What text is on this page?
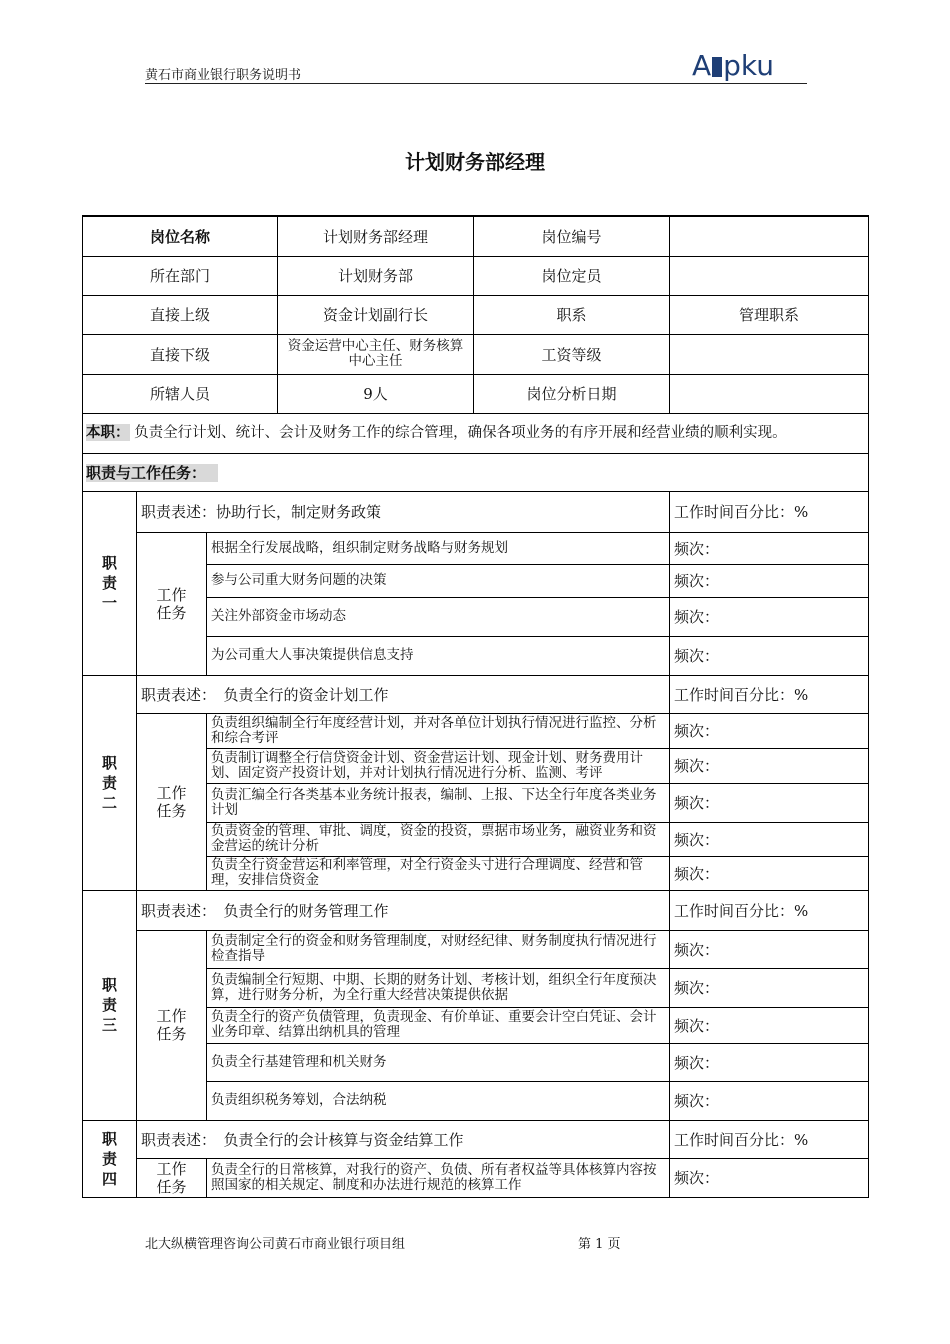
黄石市商业银行职务说明书	A pku
计划财务部经理
岗位名称			计划财务部经理	岗位编号	
所在部门			计划财务部	岗位定员	
直接上级			资金计划副行长	职系	管理职系
直接下级			资金运营中心主任、财务核算中心主任	工资等级	
所辖人员			9人	岗位分析日期	
本职： 负责全行计划、统计、会计及财务工作的综合管理，确保各项业务的有序开展和经营业绩的顺利实现。					
职责与工作任务：					
职
责
一	职责表述：协助行长，制定财务政策				工作时间百分比：%
	工作
任务	根据全行发展战略，组织制定财务战略与财务规划			频次：
		参与公司重大财务问题的决策			频次：
		关注外部资金市场动态			频次：
		为公司重大人事决策提供信息支持			频次：
职
责
二	职责表述：　负责全行的资金计划工作				工作时间百分比：%
	工作
任务	负责组织编制全行年度经营计划，并对各单位计划执行情况进行监控、分析和综合考评			频次：
		负责制订调整全行信贷资金计划、资金营运计划、现金计划、财务费用计划、固定资产投资计划，并对计划执行情况进行分析、监测、考评			频次：
		负责汇编全行各类基本业务统计报表，编制、上报、下达全行年度各类业务计划			频次：
		负责资金的管理、审批、调度，资金的投资，票据市场业务，融资业务和资金营运的统计分析			频次：
		负责全行资金营运和利率管理，对全行资金头寸进行合理调度、经营和管理，安排信贷资金			频次：
职
责
三	职责表述：　负责全行的财务管理工作				工作时间百分比：%
	工作
任务	负责制定全行的资金和财务管理制度，对财经纪律、财务制度执行情况进行检查指导			频次：
		负责编制全行短期、中期、长期的财务计划、考核计划，组织全行年度预决算，进行财务分析，为全行重大经营决策提供依据			频次：
		负责全行的资产负债管理，负责现金、有价单证、重要会计空白凭证、会计业务印章、结算出纳机具的管理			频次：
		负责全行基建管理和机关财务			频次：
		负责组织税务筹划，合法纳税			频次：
职
责
四	职责表述：　负责全行的会计核算与资金结算工作				工作时间百分比：%
	工作
任务	负责全行的日常核算，对我行的资产、负债、所有者权益等具体核算内容按照国家的相关规定、制度和办法进行规范的核算工作			频次：
北大纵横管理咨询公司黄石市商业银行项目组	第 1 页
